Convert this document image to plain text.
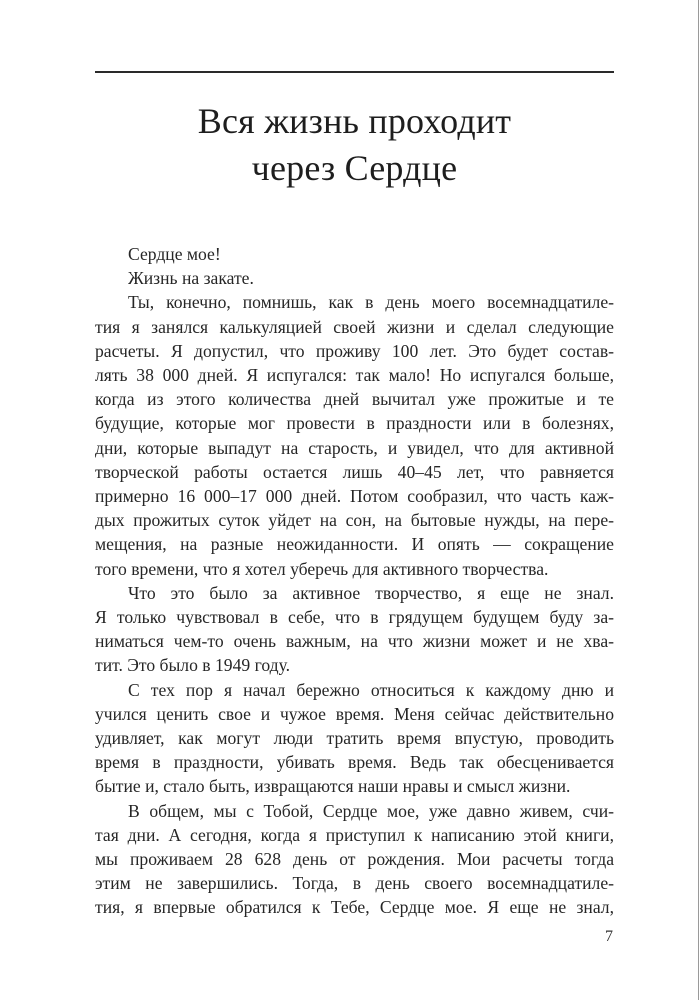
Вся жизнь проходит
через Сердце
Сердце мое!
Жизнь на закате.
Ты, конечно, помнишь, как в день моего восемнадцатиле-
тия я занялся калькуляцией своей жизни и сделал следующие
расчеты. Я допустил, что проживу 100 лет. Это будет состав-
лять 38 000 дней. Я испугался: так мало! Но испугался больше,
когда из этого количества дней вычитал уже прожитые и те
будущие, которые мог провести в праздности или в болезнях,
дни, которые выпадут на старость, и увидел, что для активной
творческой работы остается лишь 40–45 лет, что равняется
примерно 16 000–17 000 дней. Потом сообразил, что часть каж-
дых прожитых суток уйдет на сон, на бытовые нужды, на пере-
мещения, на разные неожиданности. И опять — сокращение
того времени, что я хотел уберечь для активного творчества.
Что это было за активное творчество, я еще не знал.
Я только чувствовал в себе, что в грядущем будущем буду за-
ниматься чем-то очень важным, на что жизни может и не хва-
тит. Это было в 1949 году.
С тех пор я начал бережно относиться к каждому дню и
учился ценить свое и чужое время. Меня сейчас действительно
удивляет, как могут люди тратить время впустую, проводить
время в праздности, убивать время. Ведь так обесценивается
бытие и, стало быть, извращаются наши нравы и смысл жизни.
В общем, мы с Тобой, Сердце мое, уже давно живем, счи-
тая дни. А сегодня, когда я приступил к написанию этой книги,
мы проживаем 28 628 день от рождения. Мои расчеты тогда
этим не завершились. Тогда, в день своего восемнадцатиле-
тия, я впервые обратился к Тебе, Сердце мое. Я еще не знал,
7
